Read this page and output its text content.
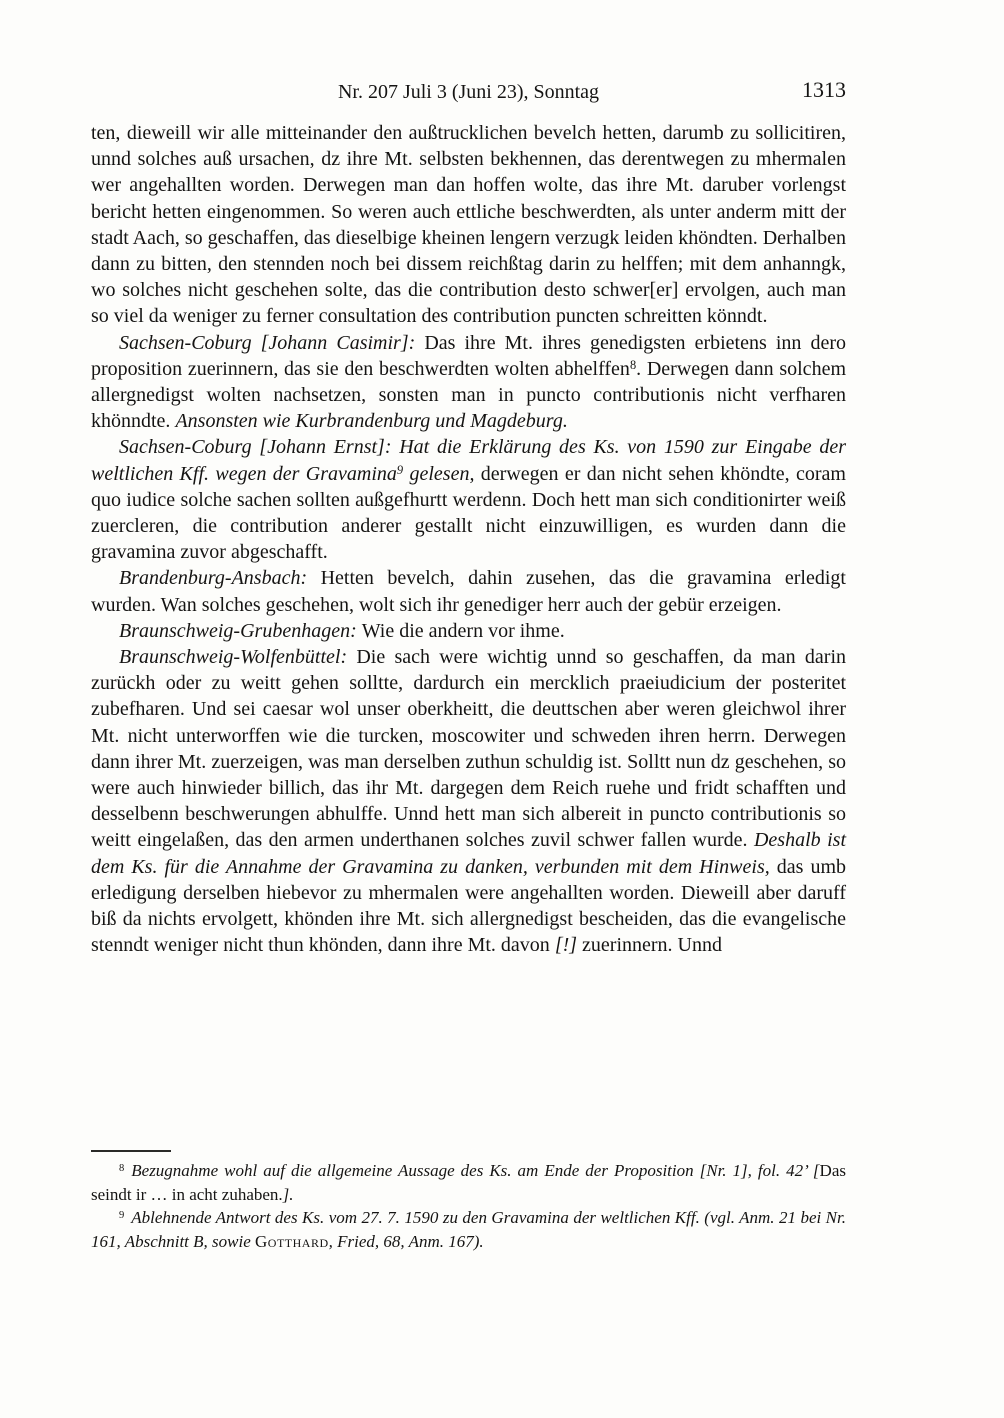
Nr. 207 Juli 3 (Juni 23), Sonntag	1313

ten, dieweill wir alle mitteinander den außtrucklichen bevelch hetten, darumb zu sollicitiren, unnd solches auß ursachen, dz ihre Mt. selbsten bekhennen, das derentwegen zu mhermalen wer angehallten worden. Derwegen man dan hoffen wolte, das ihre Mt. daruber vorlengst bericht hetten eingenommen. So weren auch ettliche beschwerdten, als unter anderm mitt der stadt Aach, so geschaffen, das dieselbige kheinen lengern verzugk leiden khöndten. Derhalben dann zu bitten, den stennden noch bei dissem reichßtag darin zu helffen; mit dem anhanngk, wo solches nicht geschehen solte, das die contribution desto schwer[er] ervolgen, auch man so viel da weniger zu ferner consultation des contribution puncten schreitten könndt.

Sachsen-Coburg [Johann Casimir]: Das ihre Mt. ihres genedigsten erbietens inn dero proposition zuerinnern, das sie den beschwerdten wolten abhelffen$^8$. Derwegen dann solchem allergnedigst wolten nachsetzen, sonsten man in puncto contributionis nicht verfharen khönndte. Ansonsten wie Kurbrandenburg und Magdeburg.

Sachsen-Coburg [Johann Ernst]: Hat die Erklärung des Ks. von 1590 zur Eingabe der weltlichen Kff. wegen der Gravamina$^9$ gelesen, derwegen er dan nicht sehen khöndte, coram quo iudice solche sachen sollten außgefhurtt werdenn. Doch hett man sich conditionirter weiß zuercleren, die contribution anderer gestallt nicht einzuwilligen, es wurden dann die gravamina zuvor abgeschafft.

Brandenburg-Ansbach: Hetten bevelch, dahin zusehen, das die gravamina erledigt wurden. Wan solches geschehen, wolt sich ihr genediger herr auch der gebür erzeigen.

Braunschweig-Grubenhagen: Wie die andern vor ihme.

Braunschweig-Wolfenbüttel: Die sach were wichtig unnd so geschaffen, da man darin zurückh oder zu weitt gehen solltte, dardurch ein mercklich praeiudicium der posteritet zubefharen. Und sei caesar wol unser oberkheitt, die deuttschen aber weren gleichwol ihrer Mt. nicht unterworffen wie die turcken, moscowiter und schweden ihren herrn. Derwegen dann ihrer Mt. zuerzeigen, was man derselben zuthun schuldig ist. Solltt nun dz geschehen, so were auch hinwieder billich, das ihr Mt. dargegen dem Reich ruehe und fridt schafften und desselbenn beschwerungen abhulffe. Unnd hett man sich albereit in puncto contributionis so weitt eingelaßen, das den armen underthanen solches zuvil schwer fallen wurde. Deshalb ist dem Ks. für die Annahme der Gravamina zu danken, verbunden mit dem Hinweis, das umb erledigung derselben hiebevor zu mhermalen were angehallten worden. Dieweill aber daruff biß da nichts ervolgett, khönden ihre Mt. sich allergnedigst bescheiden, das die evangelische stenndt weniger nicht thun khönden, dann ihre Mt. davon [!] zuerinnern. Unnd

$^8$ Bezugnahme wohl auf die allgemeine Aussage des Ks. am Ende der Proposition [Nr. 1], fol. 42’ [Das seindt ir … in acht zuhaben.].

$^9$ Ablehnende Antwort des Ks. vom 27. 7. 1590 zu den Gravamina der weltlichen Kff. (vgl. Anm. 21 bei Nr. 161, Abschnitt B, sowie Gotthard, Fried, 68, Anm. 167).
